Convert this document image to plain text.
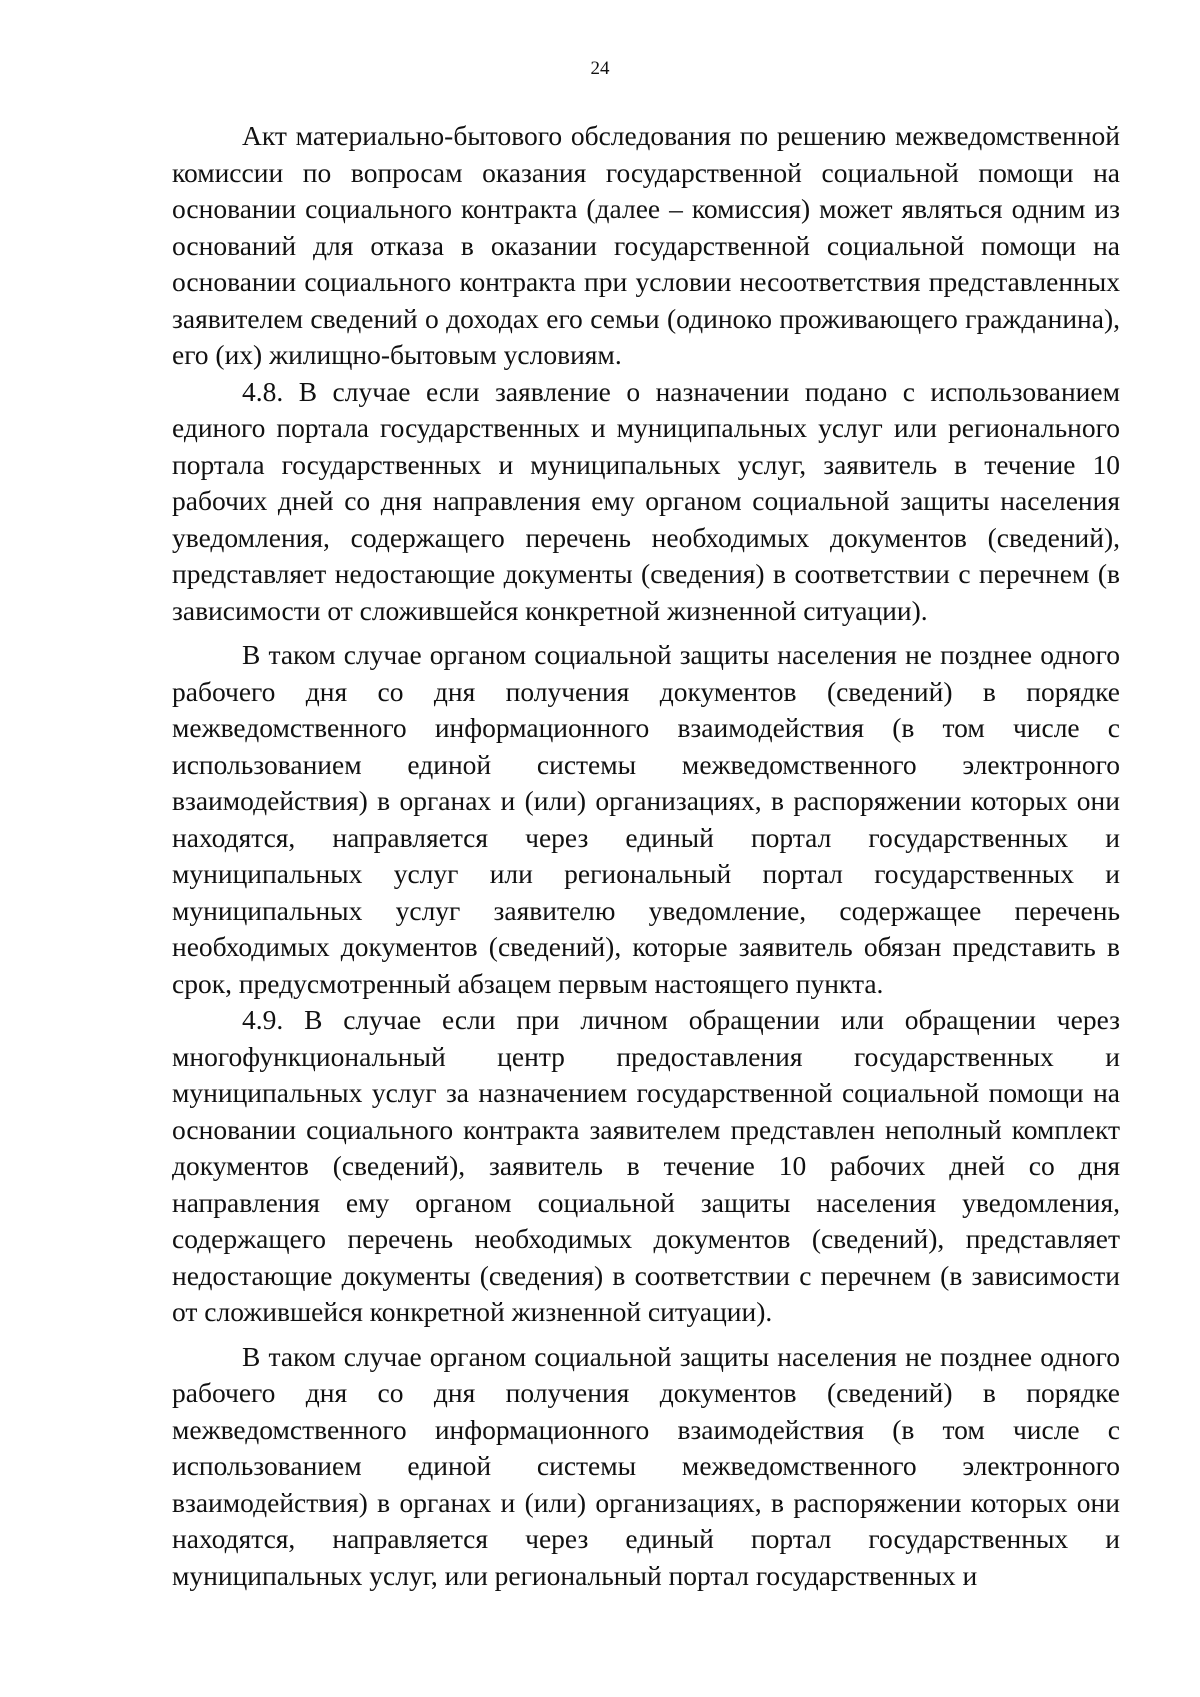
24

Акт материально-бытового обследования по решению межведомственной комиссии по вопросам оказания государственной социальной помощи на основании социального контракта (далее – комиссия) может являться одним из оснований для отказа в оказании государственной социальной помощи на основании социального контракта при условии несоответствия представленных заявителем сведений о доходах его семьи (одиноко проживающего гражданина), его (их) жилищно-бытовым условиям.

4.8. В случае если заявление о назначении подано с использованием единого портала государственных и муниципальных услуг или регионального портала государственных и муниципальных услуг, заявитель в течение 10 рабочих дней со дня направления ему органом социальной защиты населения уведомления, содержащего перечень необходимых документов (сведений), представляет недостающие документы (сведения) в соответствии с перечнем (в зависимости от сложившейся конкретной жизненной ситуации).

В таком случае органом социальной защиты населения не позднее одного рабочего дня со дня получения документов (сведений) в порядке межведомственного информационного взаимодействия (в том числе с использованием единой системы межведомственного электронного взаимодействия) в органах и (или) организациях, в распоряжении которых они находятся, направляется через единый портал государственных и муниципальных услуг или региональный портал государственных и муниципальных услуг заявителю уведомление, содержащее перечень необходимых документов (сведений), которые заявитель обязан представить в срок, предусмотренный абзацем первым настоящего пункта.

4.9. В случае если при личном обращении или обращении через многофункциональный центр предоставления государственных и муниципальных услуг за назначением государственной социальной помощи на основании социального контракта заявителем представлен неполный комплект документов (сведений), заявитель в течение 10 рабочих дней со дня направления ему органом социальной защиты населения уведомления, содержащего перечень необходимых документов (сведений), представляет недостающие документы (сведения) в соответствии с перечнем (в зависимости от сложившейся конкретной жизненной ситуации).

В таком случае органом социальной защиты населения не позднее одного рабочего дня со дня получения документов (сведений) в порядке межведомственного информационного взаимодействия (в том числе с использованием единой системы межведомственного электронного взаимодействия) в органах и (или) организациях, в распоряжении которых они находятся, направляется через единый портал государственных и муниципальных услуг, или региональный портал государственных и
